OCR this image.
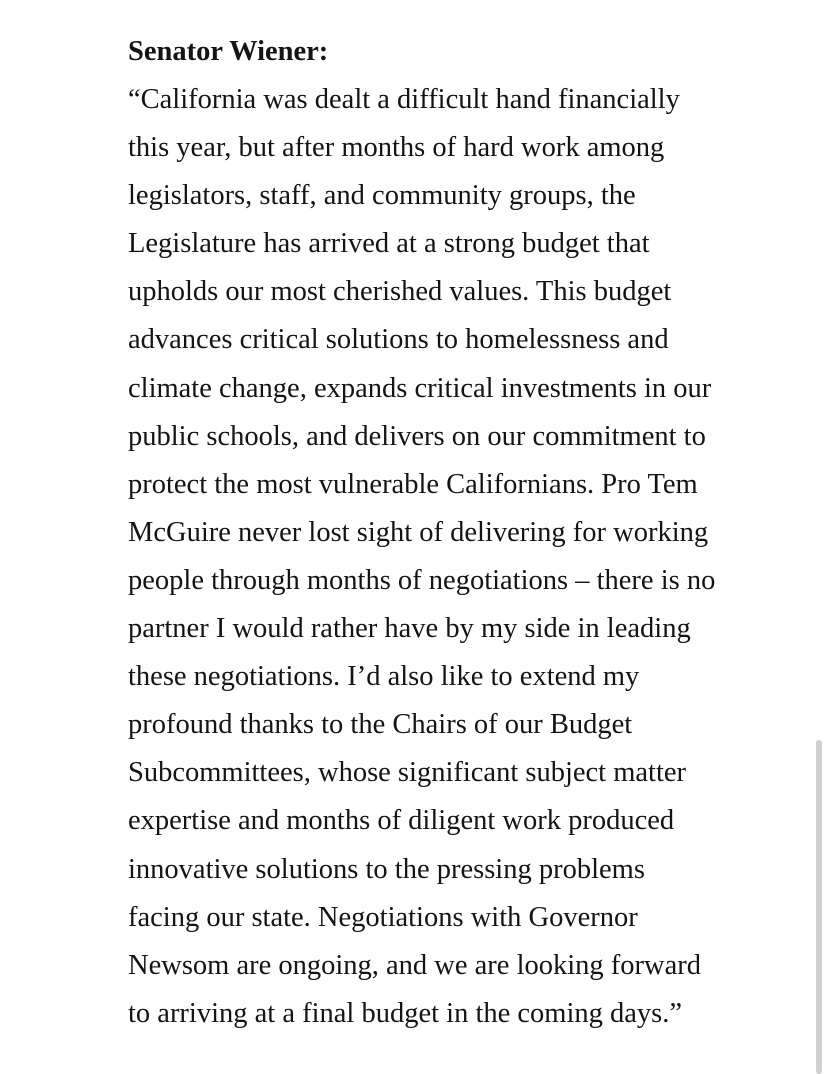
Senator Wiener:
“California was dealt a difficult hand financially
this year, but after months of hard work among
legislators, staff, and community groups, the
Legislature has arrived at a strong budget that
upholds our most cherished values. This budget
advances critical solutions to homelessness and
climate change, expands critical investments in our
public schools, and delivers on our commitment to
protect the most vulnerable Californians. Pro Tem
McGuire never lost sight of delivering for working
people through months of negotiations – there is no
partner I would rather have by my side in leading
these negotiations. I’d also like to extend my
profound thanks to the Chairs of our Budget
Subcommittees, whose significant subject matter
expertise and months of diligent work produced
innovative solutions to the pressing problems
facing our state. Negotiations with Governor
Newsom are ongoing, and we are looking forward
to arriving at a final budget in the coming days.”
